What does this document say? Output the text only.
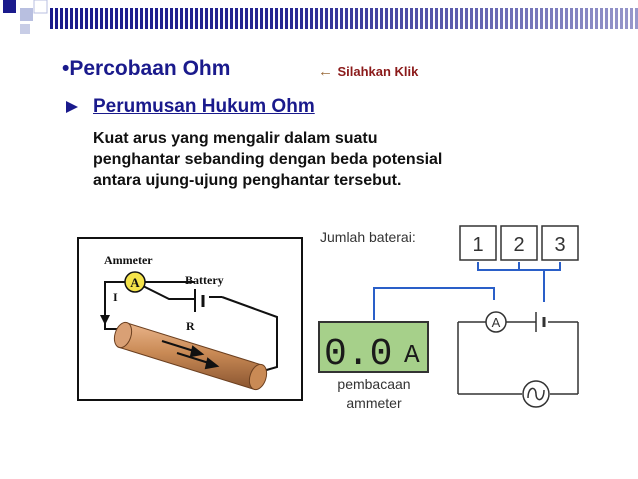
•Percobaan Ohm	← Silahkan Klik
Perumusan Hukum Ohm
Kuat arus yang mengalir dalam suatu
penghantar sebanding dengan beda potensial
antara ujung-ujung penghantar tersebut.
A
Ammeter
Battery
I
R
Jumlah baterai:	1 2 3
0.0 A
pembacaan
ammeter
A
